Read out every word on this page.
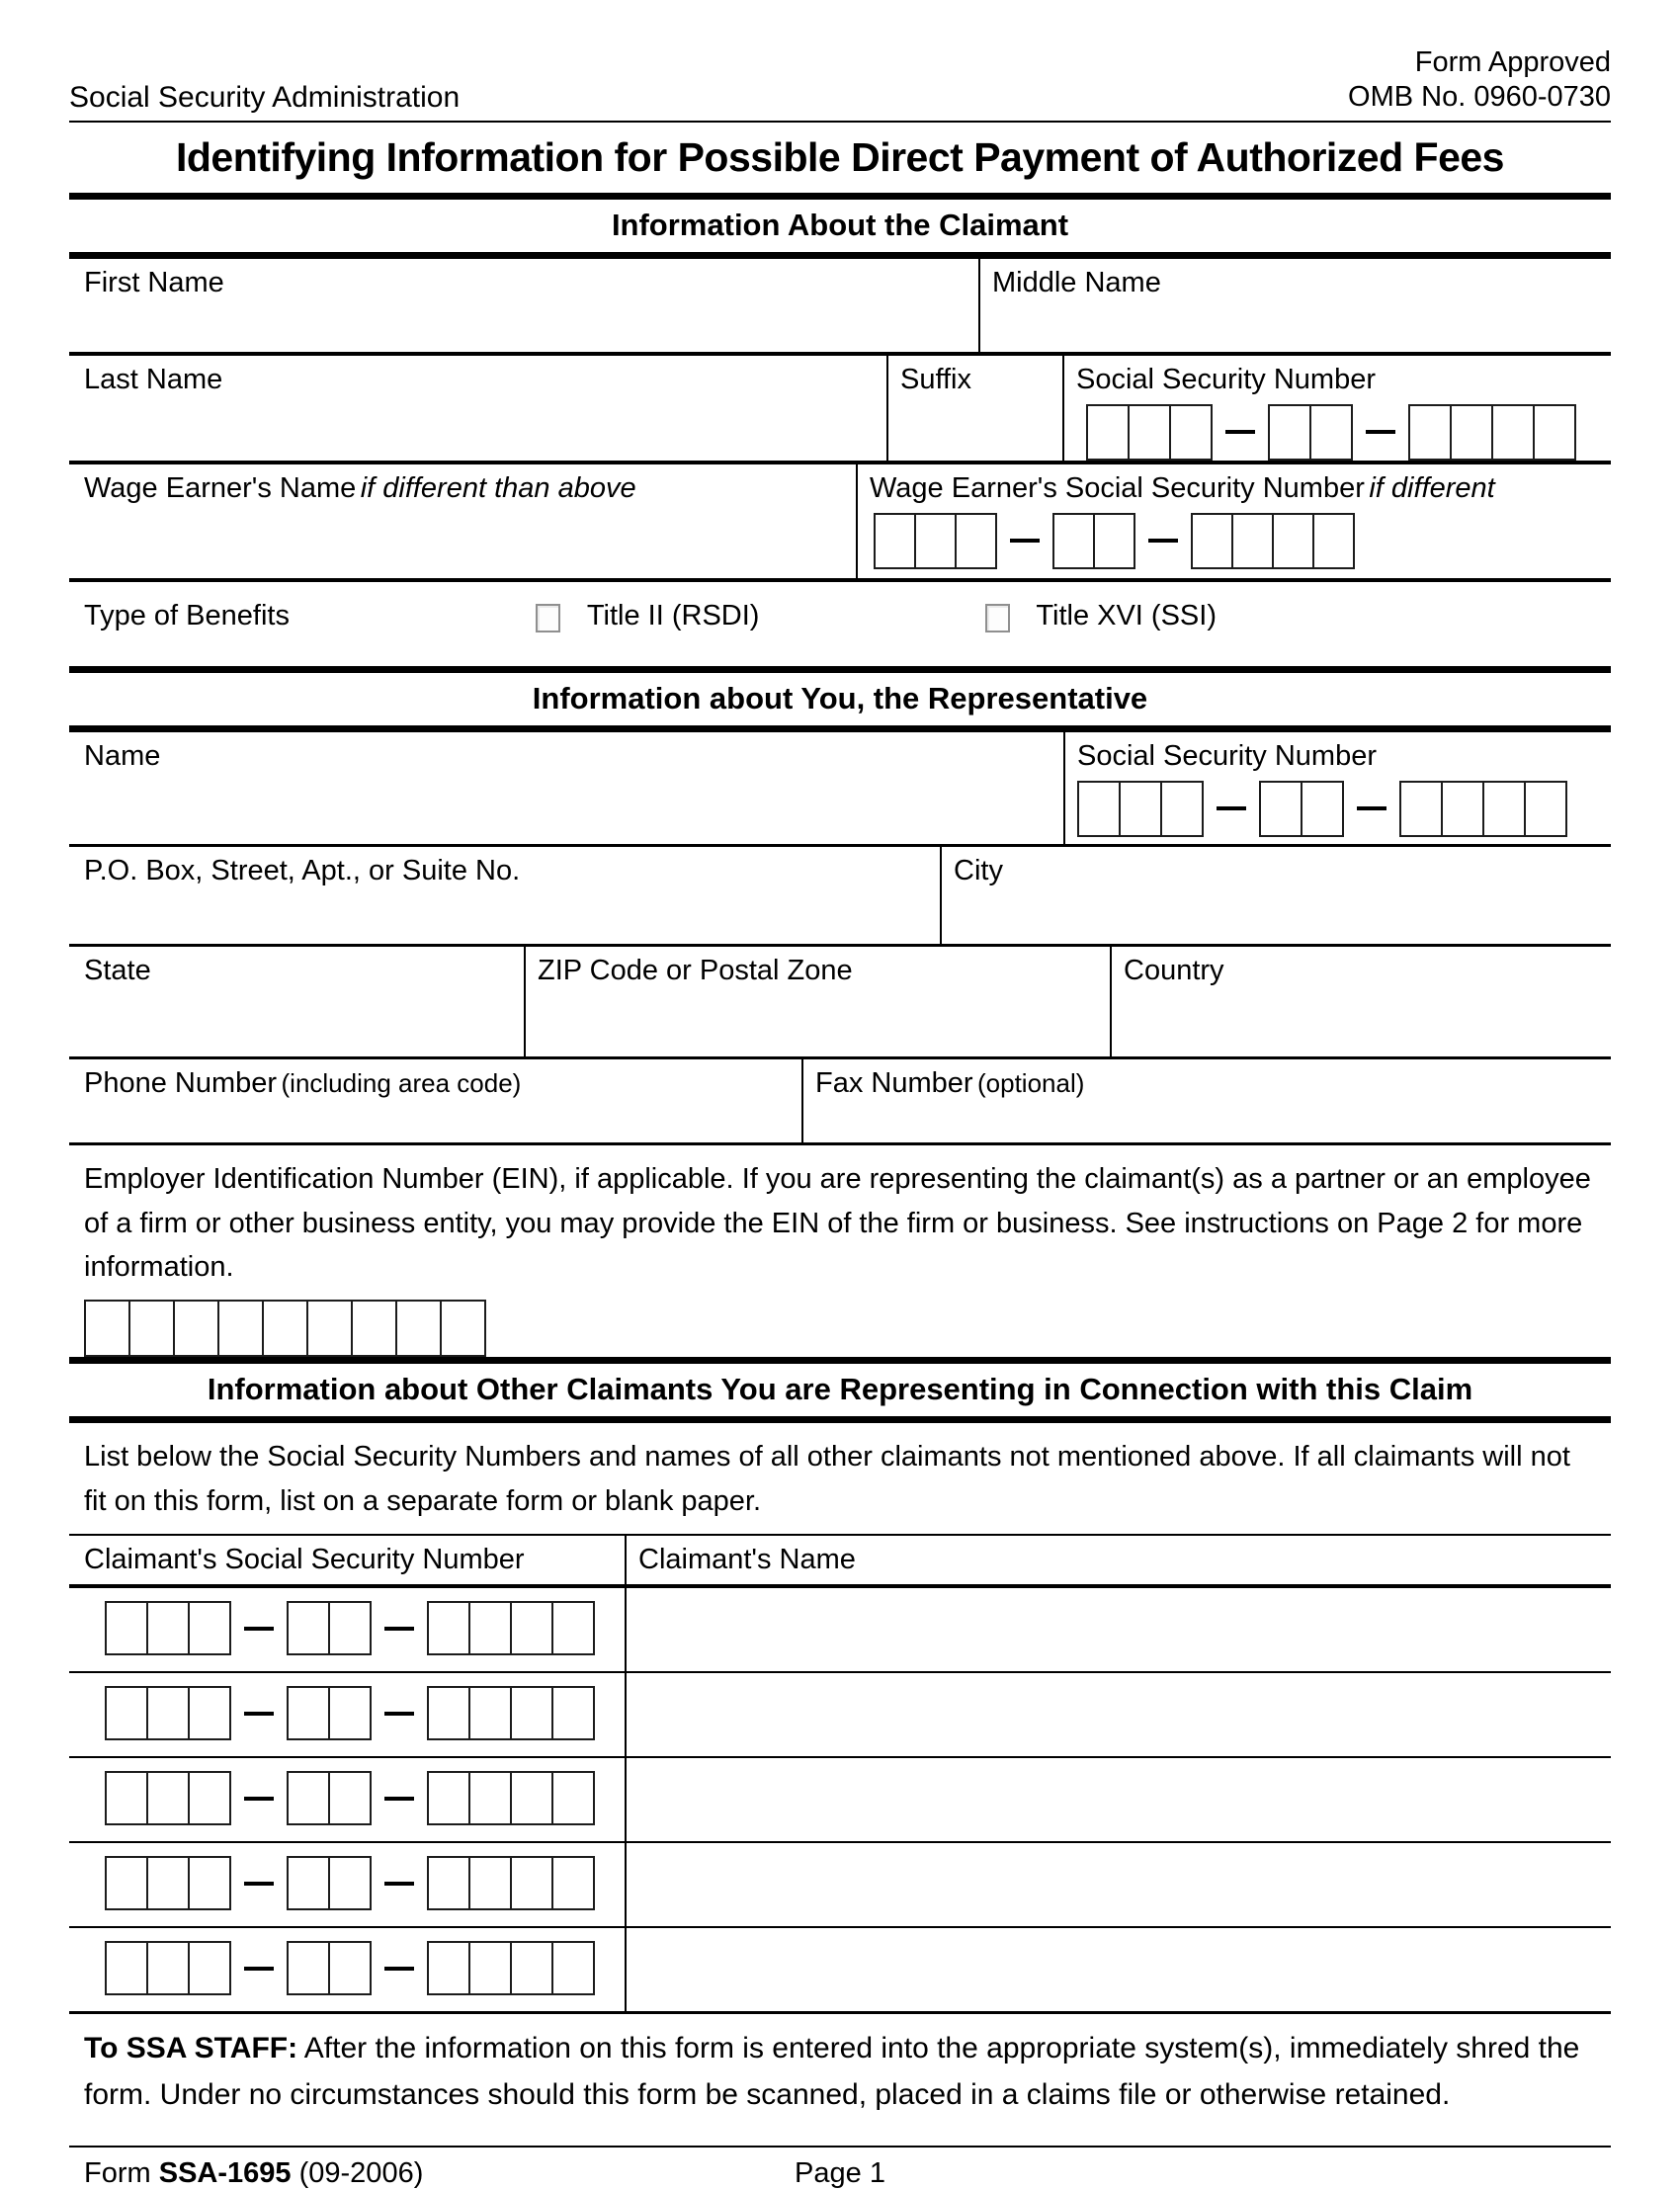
Social Security Administration
Form Approved
OMB No. 0960-0730
Identifying Information for Possible Direct Payment of Authorized Fees
Information About the Claimant
First Name	Middle Name
Last Name	Suffix	Social Security Number
Wage Earner's Name if different than above	Wage Earner's Social Security Number if different
Type of Benefits	Title II (RSDI)	Title XVI (SSI)
Information about You, the Representative
Name	Social Security Number
P.O. Box, Street, Apt., or Suite No.	City
State	ZIP Code or Postal Zone	Country
Phone Number (including area code)	Fax Number (optional)
Employer Identification Number (EIN), if applicable. If you are representing the claimant(s) as a partner or an employee of a firm or other business entity, you may provide the EIN of the firm or business. See instructions on Page 2 for more information.
Information about Other Claimants You are Representing in Connection with this Claim
List below the Social Security Numbers and names of all other claimants not mentioned above. If all claimants will not fit on this form, list on a separate form or blank paper.
Claimant's Social Security Number	Claimant's Name
To SSA STAFF: After the information on this form is entered into the appropriate system(s), immediately shred the form. Under no circumstances should this form be scanned, placed in a claims file or otherwise retained.
Form SSA-1695 (09-2006)	Page 1
